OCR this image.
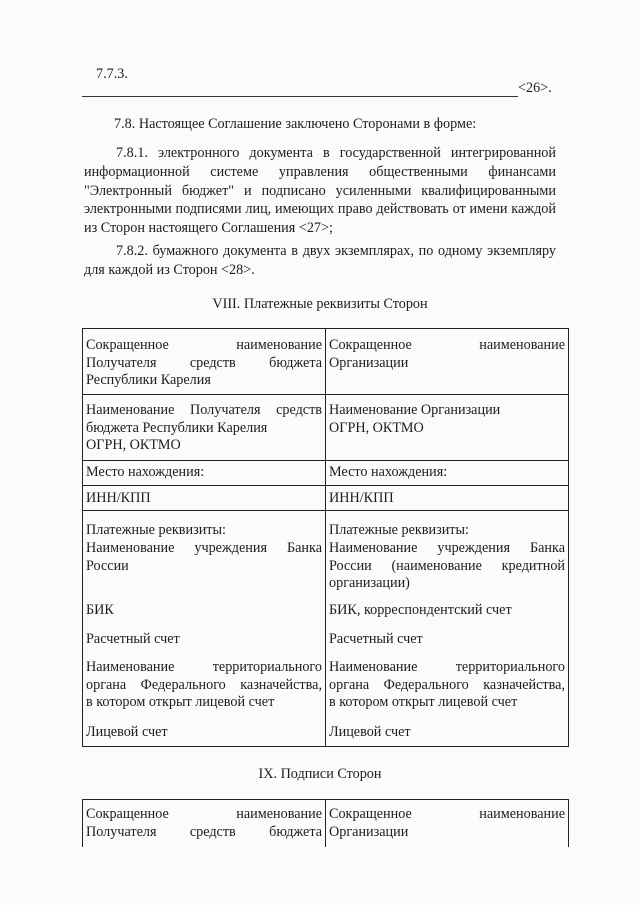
7.7.3.
<26>.
7.8. Настоящее Соглашение заключено Сторонами в форме:
7.8.1. электронного документа в государственной интегрированной
информационной системе управления общественными финансами
"Электронный бюджет" и подписано усиленными квалифицированными
электронными подписями лиц, имеющих право действовать от имени каждой
из Сторон настоящего Соглашения <27>;
7.8.2. бумажного документа в двух экземплярах, по одному экземпляру
для каждой из Сторон <28>.
VIII. Платежные реквизиты Сторон
Сокращенное наименование
Получателя средств бюджета
Республики Карелия
Сокращенное наименование
Организации
Наименование Получателя средств
бюджета Республики Карелия
ОГРН, ОКТМО
Наименование Организации
ОГРН, ОКТМО
Место нахождения:	Место нахождения:
ИНН/КПП	ИНН/КПП
Платежные реквизиты:
Наименование учреждения Банка
России
БИК
Расчетный счет
Наименование территориального
органа Федерального казначейства,
в котором открыт лицевой счет
Лицевой счет
Платежные реквизиты:
Наименование учреждения Банка
России (наименование кредитной
организации)
БИК, корреспондентский счет
Расчетный счет
Наименование территориального
органа Федерального казначейства,
в котором открыт лицевой счет
Лицевой счет
IX. Подписи Сторон
Сокращенное наименование
Получателя средств бюджета
Сокращенное наименование
Организации
